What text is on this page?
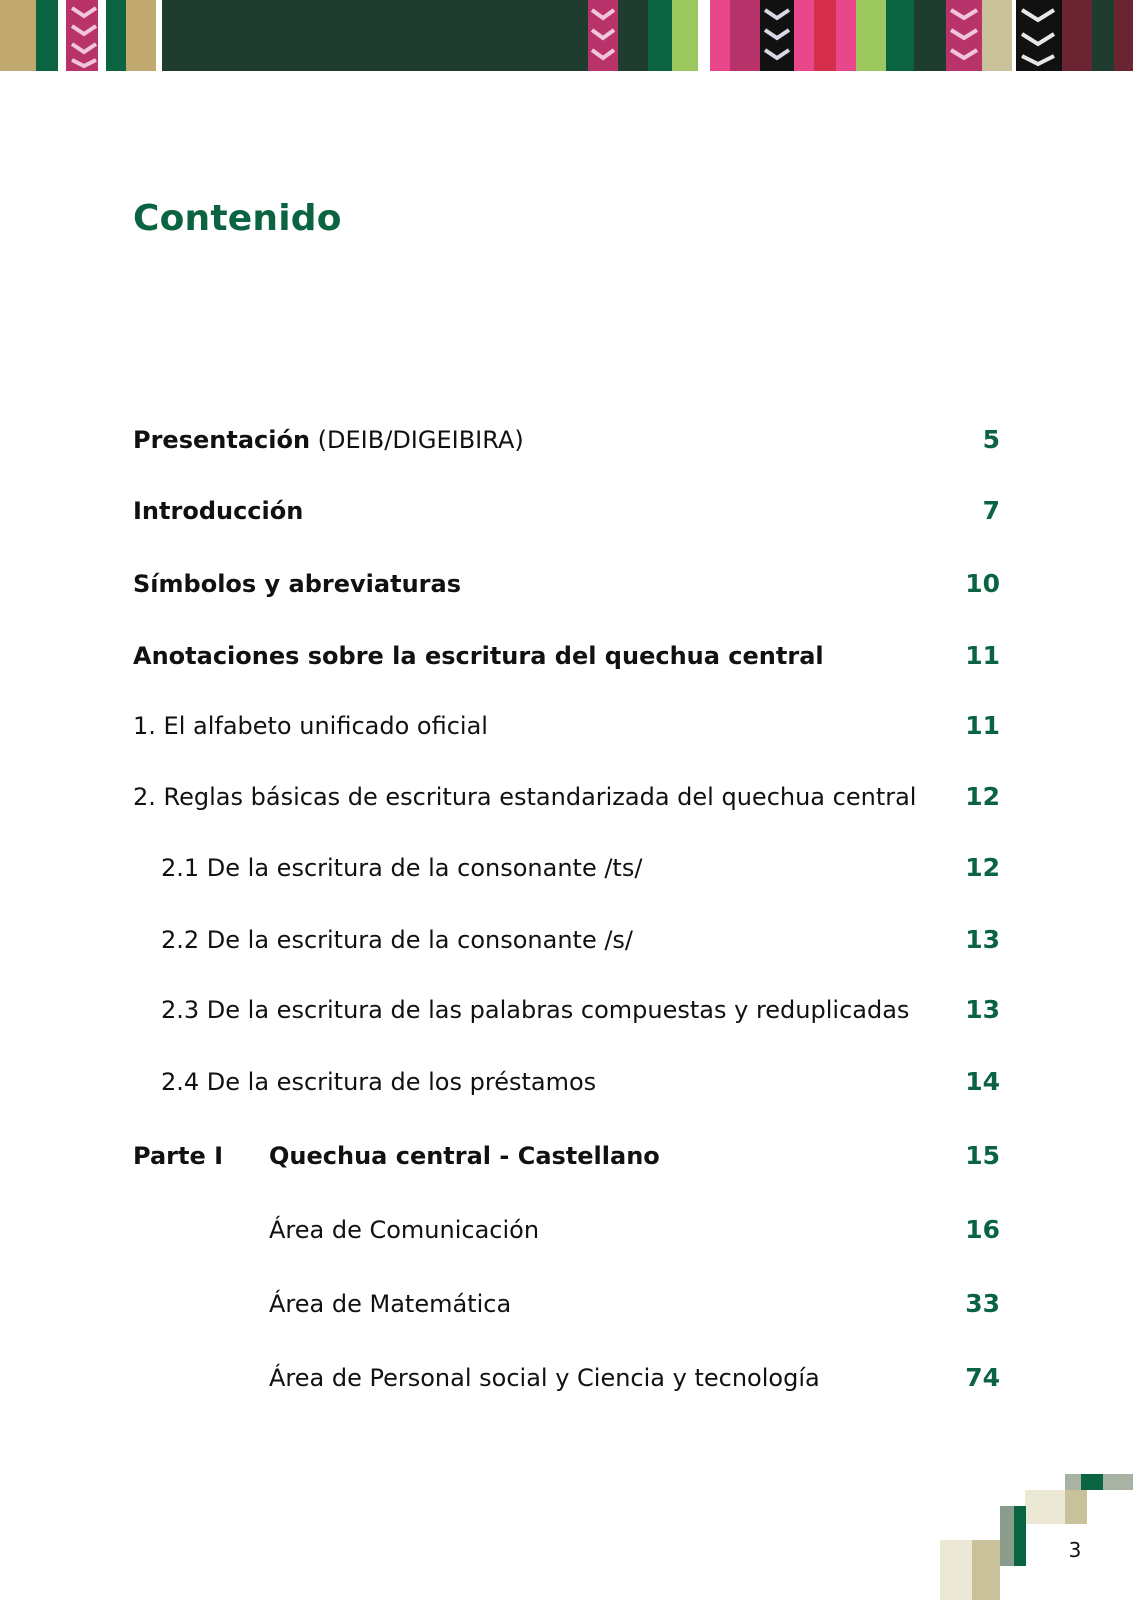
Contenido
Presentación (DEIB/DIGEIBIRA)	5
Introducción	7
Símbolos y abreviaturas	10
Anotaciones sobre la escritura del quechua central	11
1. El alfabeto unificado oficial	11
2. Reglas básicas de escritura estandarizada del quechua central 12
2.1 De la escritura de la consonante /ts/	12
2.2 De la escritura de la consonante /s/	13
2.3 De la escritura de las palabras compuestas y reduplicadas 13
2.4 De la escritura de los préstamos	14
Parte I Quechua central - Castellano	15
Área de Comunicación	16
Área de Matemática	33
Área de Personal social y Ciencia y tecnología	74
3
